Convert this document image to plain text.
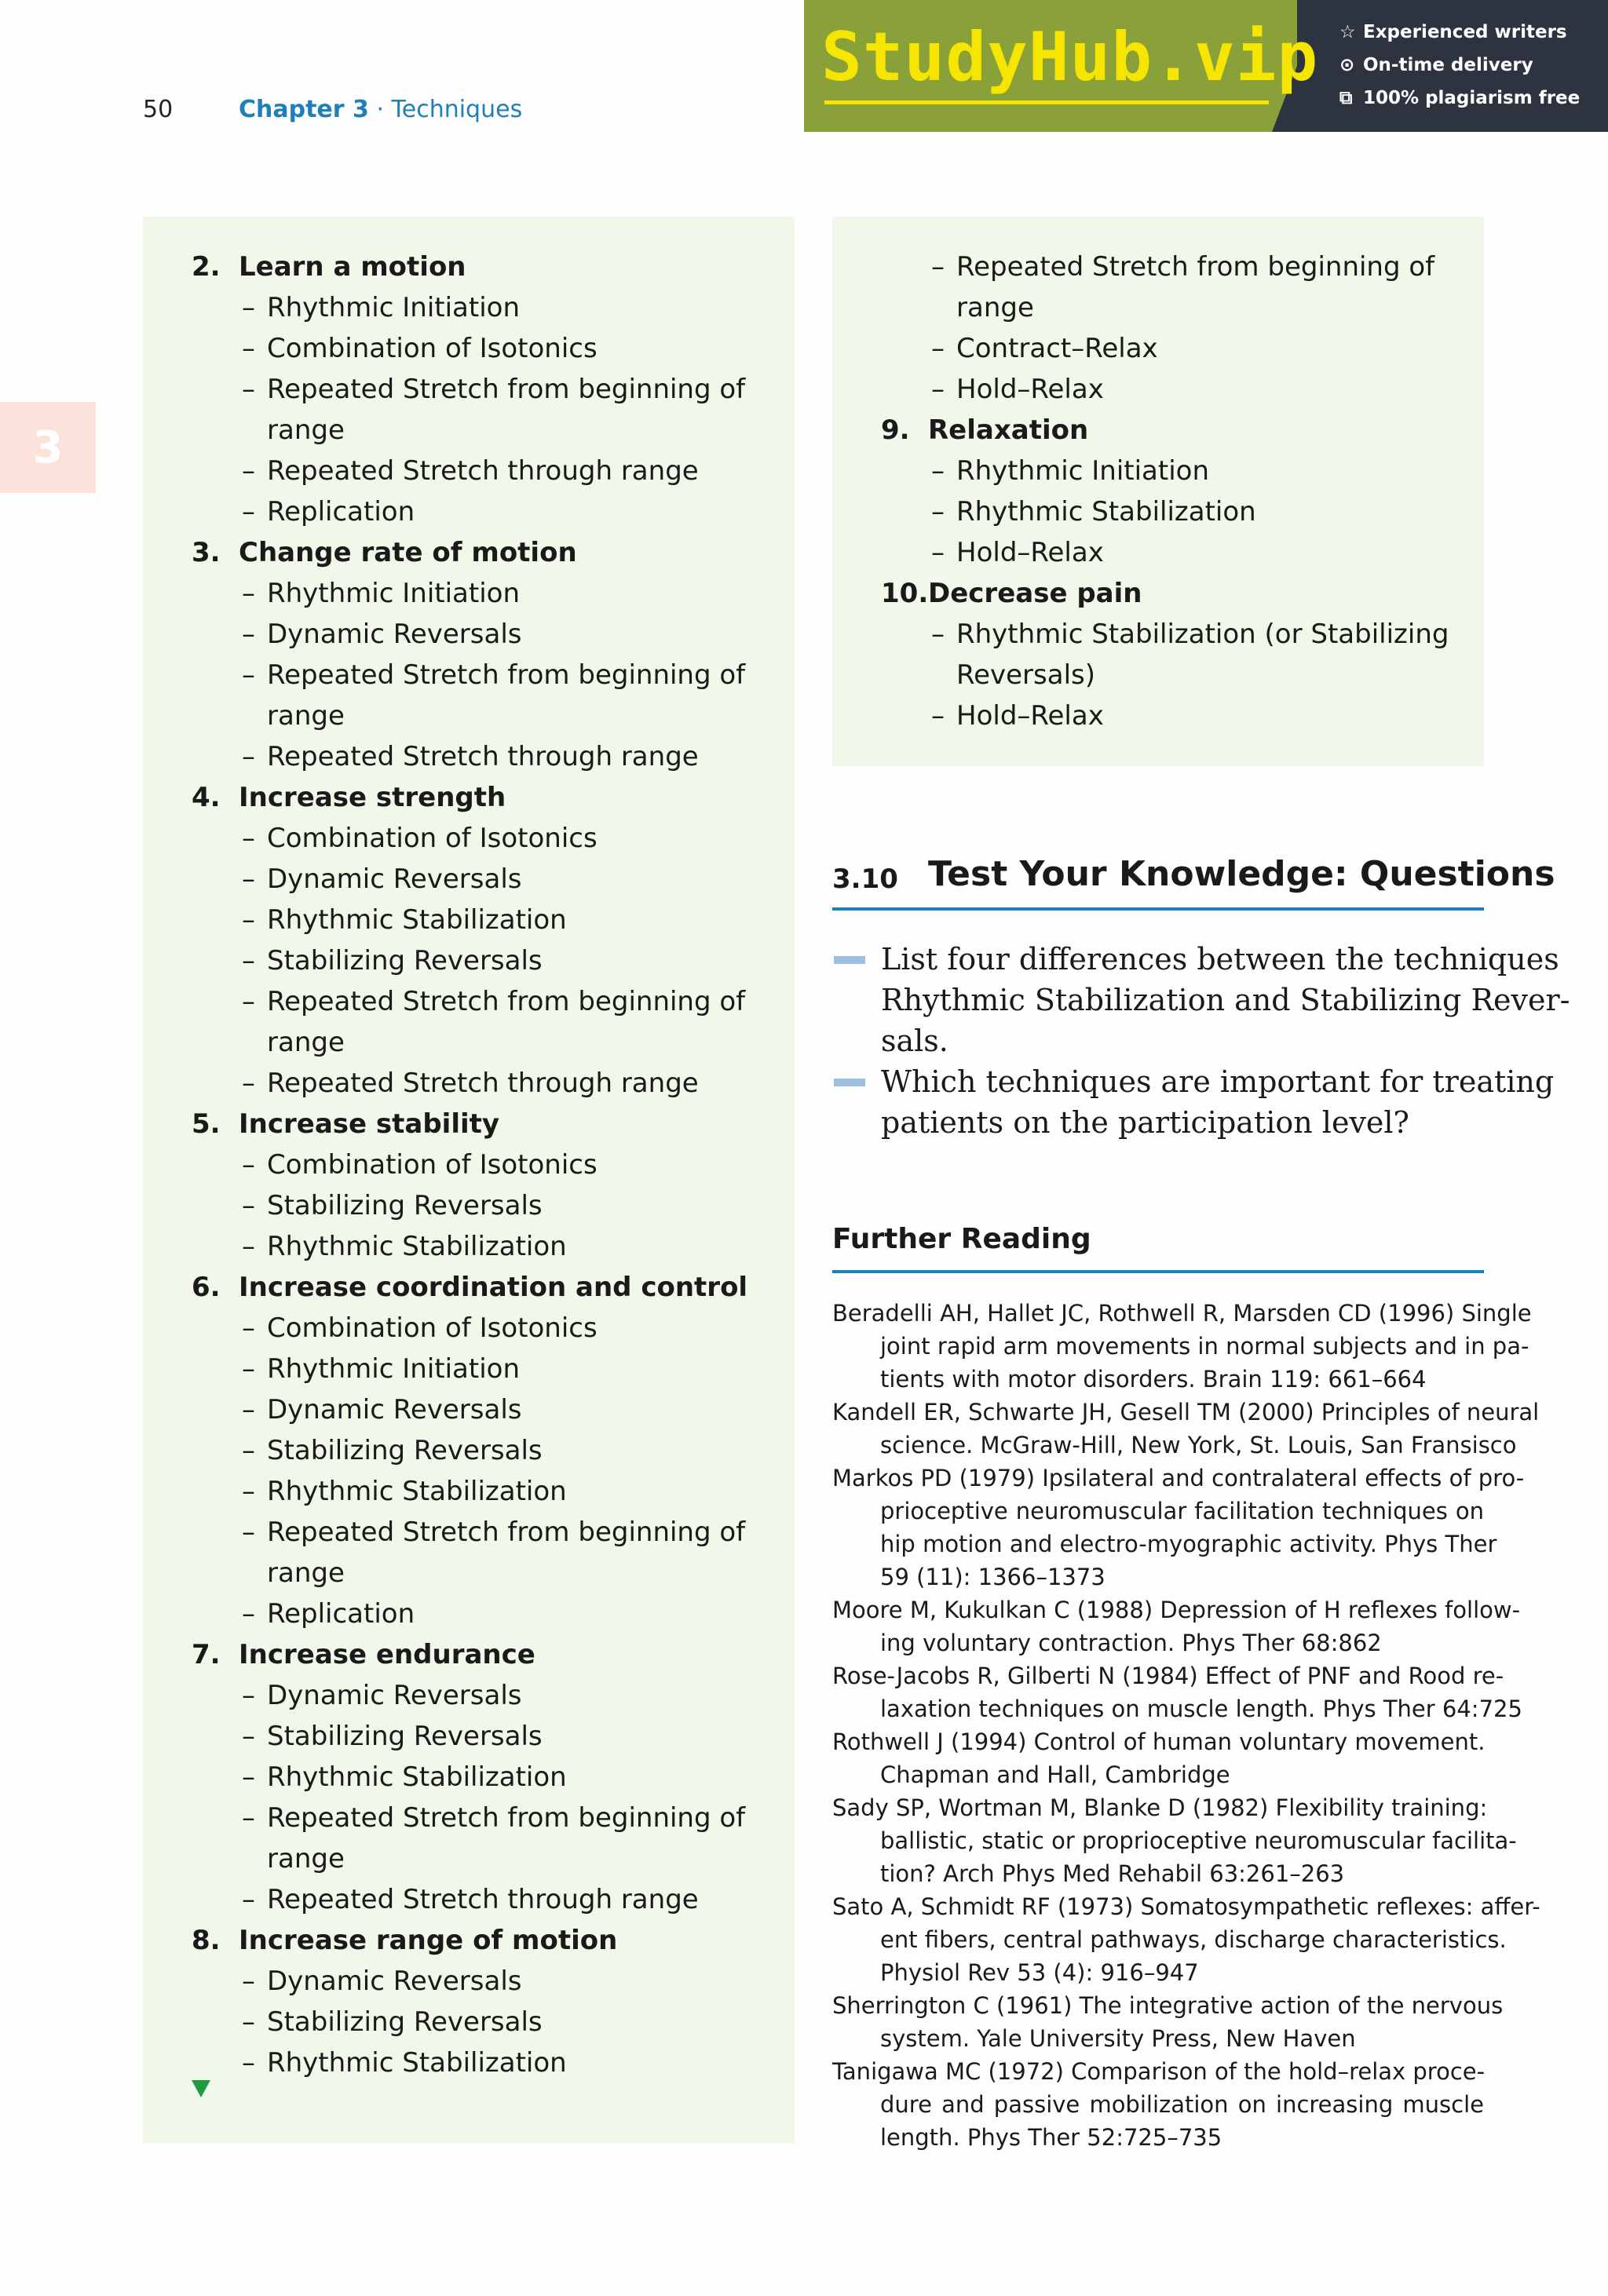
50	Chapter 3 · Techniques
StudyHub.vip ☆ Experienced writers
⊙ On-time delivery
⧉ 100% plagiarism free
3
2. Learn a motion
– Rhythmic Initiation
– Combination of Isotonics
– Repeated Stretch from beginning of
range
– Repeated Stretch through range
– Replication
3. Change rate of motion
– Rhythmic Initiation
– Dynamic Reversals
– Repeated Stretch from beginning of
range
– Repeated Stretch through range
4. Increase strength
– Combination of Isotonics
– Dynamic Reversals
– Rhythmic Stabilization
– Stabilizing Reversals
– Repeated Stretch from beginning of
range
– Repeated Stretch through range
5. Increase stability
– Combination of Isotonics
– Stabilizing Reversals
– Rhythmic Stabilization
6. Increase coordination and control
– Combination of Isotonics
– Rhythmic Initiation
– Dynamic Reversals
– Stabilizing Reversals
– Rhythmic Stabilization
– Repeated Stretch from beginning of
range
– Replication
7. Increase endurance
– Dynamic Reversals
– Stabilizing Reversals
– Rhythmic Stabilization
– Repeated Stretch from beginning of
range
– Repeated Stretch through range
8. Increase range of motion
– Dynamic Reversals
– Stabilizing Reversals
– Rhythmic Stabilization
– Repeated Stretch from beginning of
range
– Contract–Relax
– Hold–Relax
9. Relaxation
– Rhythmic Initiation
– Rhythmic Stabilization
– Hold–Relax
10. Decrease pain
– Rhythmic Stabilization (or Stabilizing
Reversals)
– Hold–Relax
3.10 Test Your Knowledge: Questions
List four differences between the techniques
Rhythmic Stabilization and Stabilizing Rever-
sals.
Which techniques are important for treating
patients on the participation level?
Further Reading
Beradelli AH, Hallet JC, Rothwell R, Marsden CD (1996) Single
joint rapid arm movements in normal subjects and in pa-
tients with motor disorders. Brain 119: 661–664
Kandell ER, Schwarte JH, Gesell TM (2000) Principles of neural
science. McGraw-Hill, New York, St. Louis, San Fransisco
Markos PD (1979) Ipsilateral and contralateral effects of pro-
prioceptive neuromuscular facilitation techniques on
hip motion and electro-myographic activity. Phys Ther
59 (11): 1366–1373
Moore M, Kukulkan C (1988) Depression of H reflexes follow-
ing voluntary contraction. Phys Ther 68:862
Rose-Jacobs R, Gilberti N (1984) Effect of PNF and Rood re-
laxation techniques on muscle length. Phys Ther 64:725
Rothwell J (1994) Control of human voluntary movement.
Chapman and Hall, Cambridge
Sady SP, Wortman M, Blanke D (1982) Flexibility training:
ballistic, static or proprioceptive neuromuscular facilita-
tion? Arch Phys Med Rehabil 63:261–263
Sato A, Schmidt RF (1973) Somatosympathetic reflexes: affer-
ent fibers, central pathways, discharge characteristics.
Physiol Rev 53 (4): 916–947
Sherrington C (1961) The integrative action of the nervous
system. Yale University Press, New Haven
Tanigawa MC (1972) Comparison of the hold–relax proce-
dure and passive mobilization on increasing muscle
length. Phys Ther 52:725–735
